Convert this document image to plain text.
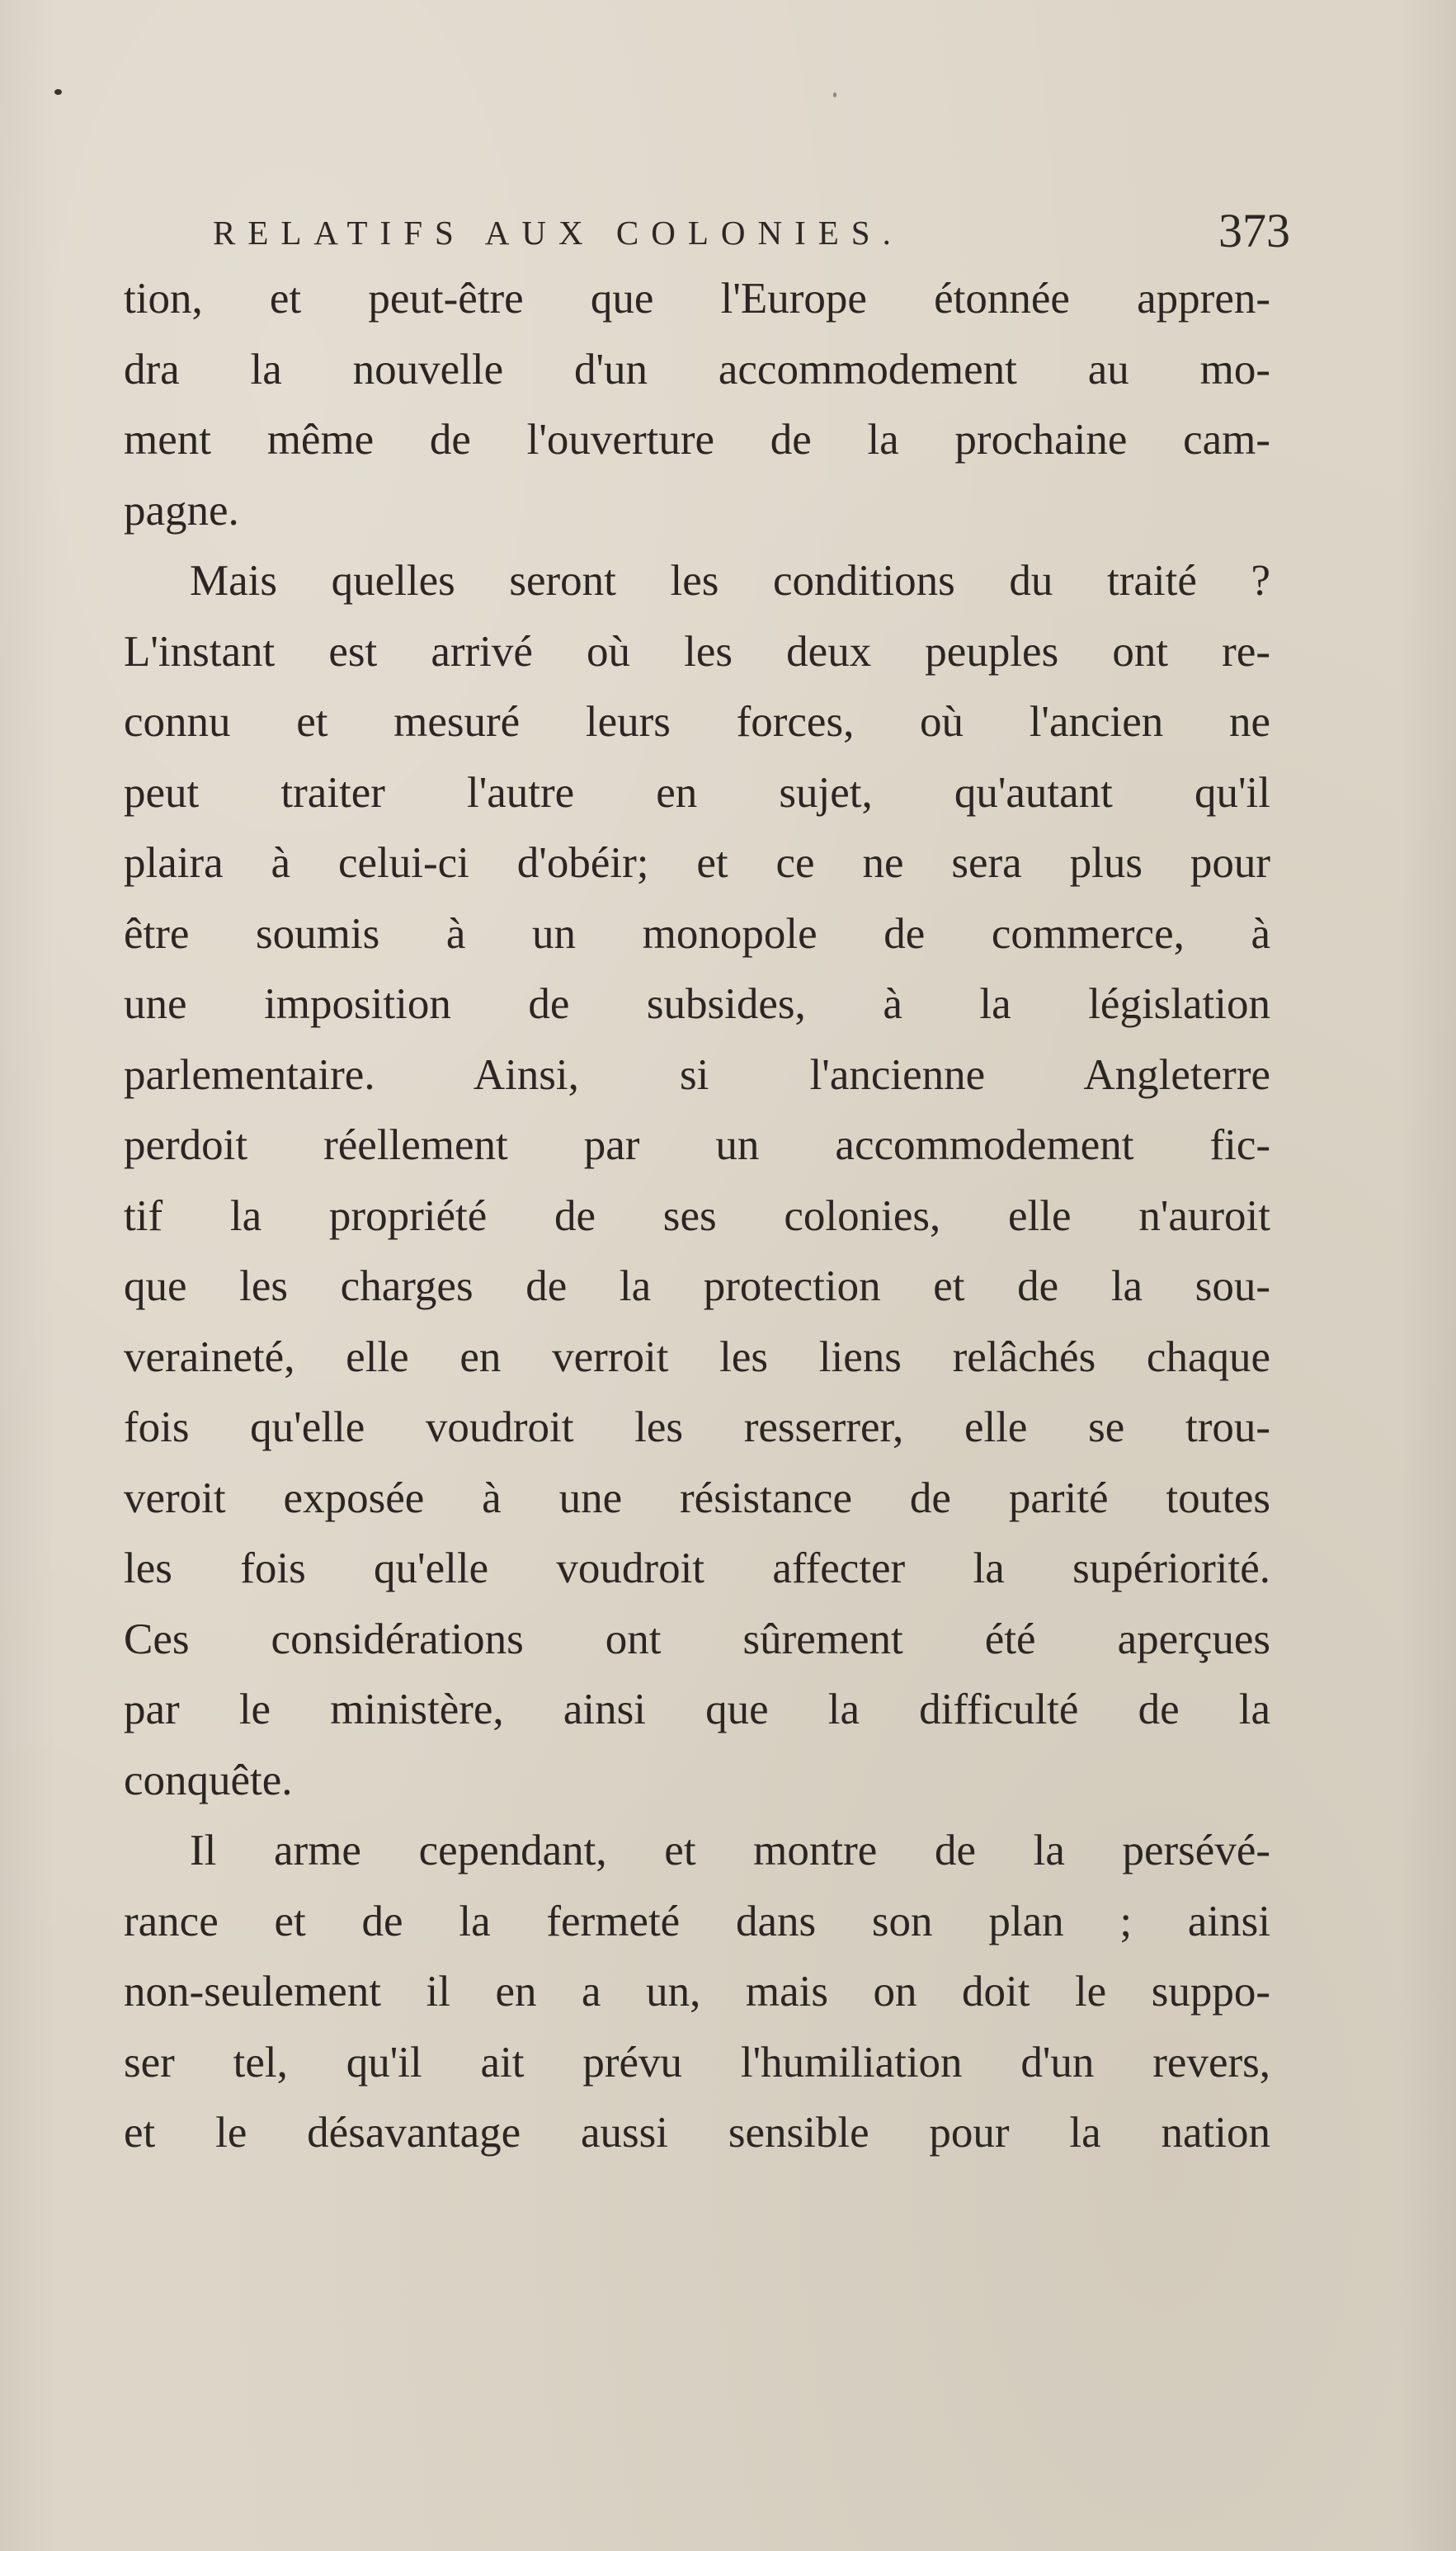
RELATIFS AUX COLONIES.	373
tion, et peut-être que l'Europe étonnée appren-
dra la nouvelle d'un accommodement au mo-
ment même de l'ouverture de la prochaine cam-
pagne.
Mais quelles seront les conditions du traité ?
L'instant est arrivé où les deux peuples ont re-
connu et mesuré leurs forces, où l'ancien ne
peut traiter l'autre en sujet, qu'autant qu'il
plaira à celui-ci d'obéir; et ce ne sera plus pour
être soumis à un monopole de commerce, à
une imposition de subsides, à la législation
parlementaire. Ainsi, si l'ancienne Angleterre
perdoit réellement par un accommodement fic-
tif la propriété de ses colonies, elle n'auroit
que les charges de la protection et de la sou-
veraineté, elle en verroit les liens relâchés chaque
fois qu'elle voudroit les resserrer, elle se trou-
veroit exposée à une résistance de parité toutes
les fois qu'elle voudroit affecter la supériorité.
Ces considérations ont sûrement été aperçues
par le ministère, ainsi que la difficulté de la
conquête.
Il arme cependant, et montre de la persévé-
rance et de la fermeté dans son plan ; ainsi
non-seulement il en a un, mais on doit le suppo-
ser tel, qu'il ait prévu l'humiliation d'un revers,
et le désavantage aussi sensible pour la nation
